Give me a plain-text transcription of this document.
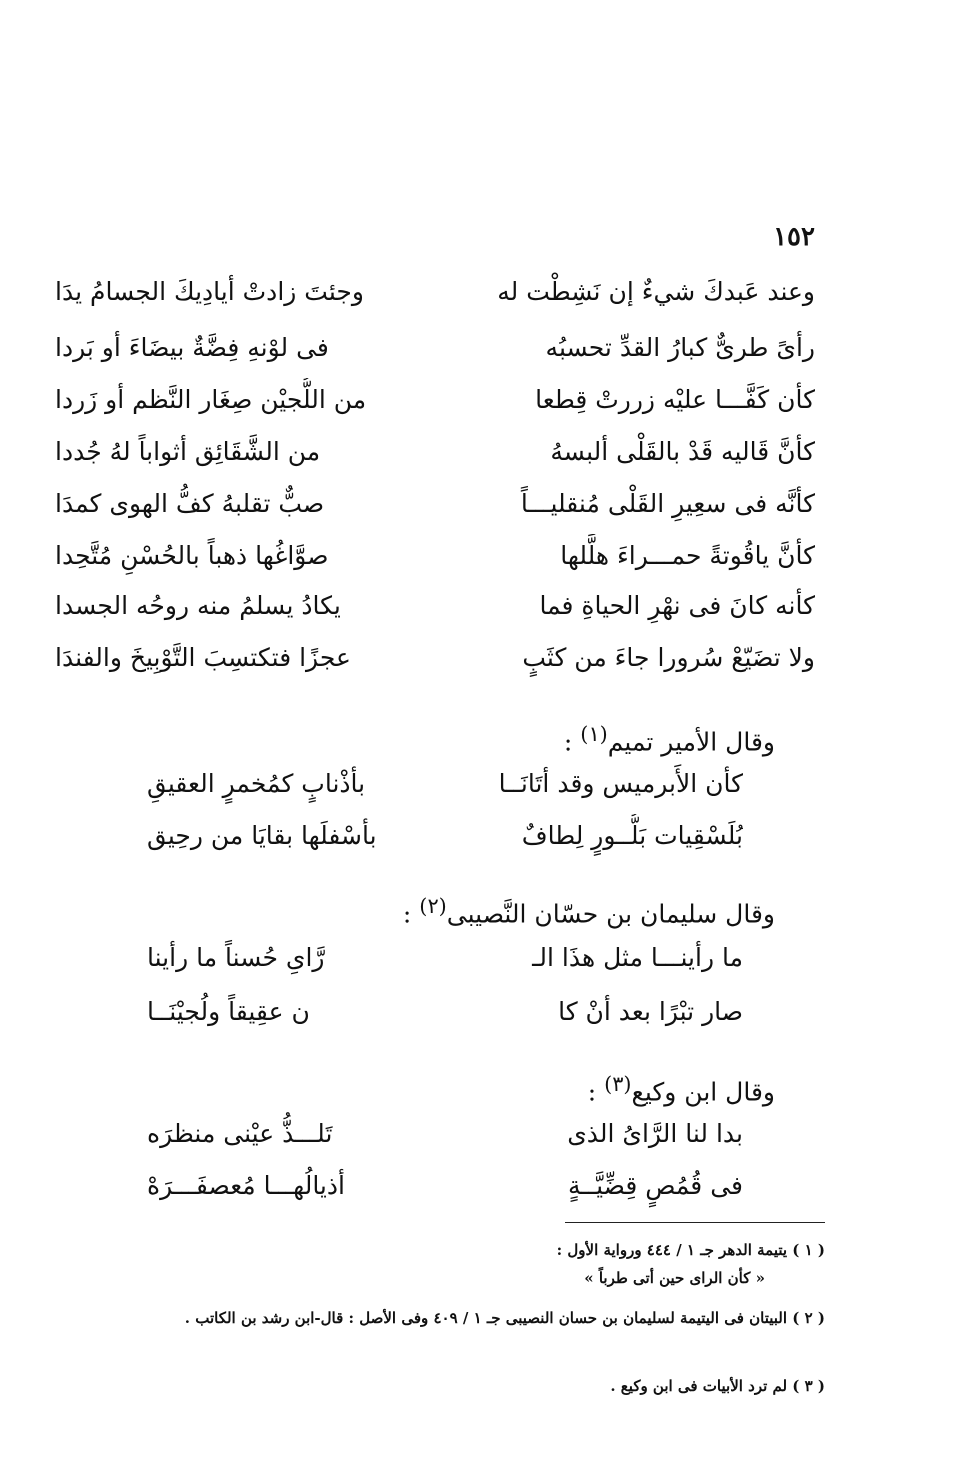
١٥٢
وعند عَبدكَ شيءٌ إن نَشِطْت له
وجئتَ زادتْ أيادِيكَ الجسامُ يدَا
رأىً طرىٌّ كبارُ القدِّ تحسبُه
فى لوْنهِ فِضَّةٌ بيضَاءَ أو بَردا
كأن كَفَّـــا عليْه زررتْ قِطعا
من اللُّجيْن صِغَار النَّظم أو زَردا
كأنَّ قَاليه قَدْ بالقَلْى ألبسهُ
من الشَّقَائِق أثواباً لهُ جُددا
كأنَّه فى سعِيرِ القَلْى مُنقليـــاً
صبٌّ تقلبهُ كفُّ الهوى كمدَا
كأنَّ ياقُوتةً حمـــراءَ هلَّلها
صوَّاغُها ذهباً بالحُسْنِ مُتَّحِدا
كأنه كانَ فى نهْرِ الحياةِ فما
يكادُ يسلمُ منه روحُه الجسدا
ولا تضَيّعْ سُرورا جاءَ من كثَبٍ
عجزًا فتكتسِبَ التَّوْبِيخَ والفندَا
وقال الأمير تميم$^{(١)}$ :
كأن الأَبرميس وقد أتَانَــا
بأذْنابٍ كمُخمرٍ العقيقِ
بُلَسْقِيات بَلُّــورٍ لِطافٌ
بأسْفلَها بقايَا من رحِيق
وقال سليمان بن حسّان النَّصيبى$^{(٢)}$ :
ما رأينـــا مثل هذَا الـ
رَّاىِ حُسناً ما رأينا
صار تبْرًا بعد أنْ كا
ن عقِيقاً ولُجيْنَــا
وقال ابن وكيع$^{(٣)}$ :
بدا لنا الرَّاىُ الذى
تَلـــذُّ عيْنى منظرَه
فى قُمُصٍ قِضِّيَّــةٍ
أذيالُهـــا مُعصفَـــرَهْ
( ١ ) يتيمة الدهر جـ ١ / ٤٤٤ ورواية الأول :
« كأن الراى حين أتى طرباً »
( ٢ ) البيتان فى اليتيمة لسليمان بن حسان النصيبى جـ ١ / ٤٠٩ وفى الأصل : قال-ابن رشد بن الكاتب .
( ٣ ) لم ترد الأبيات فى ابن وكيع .
